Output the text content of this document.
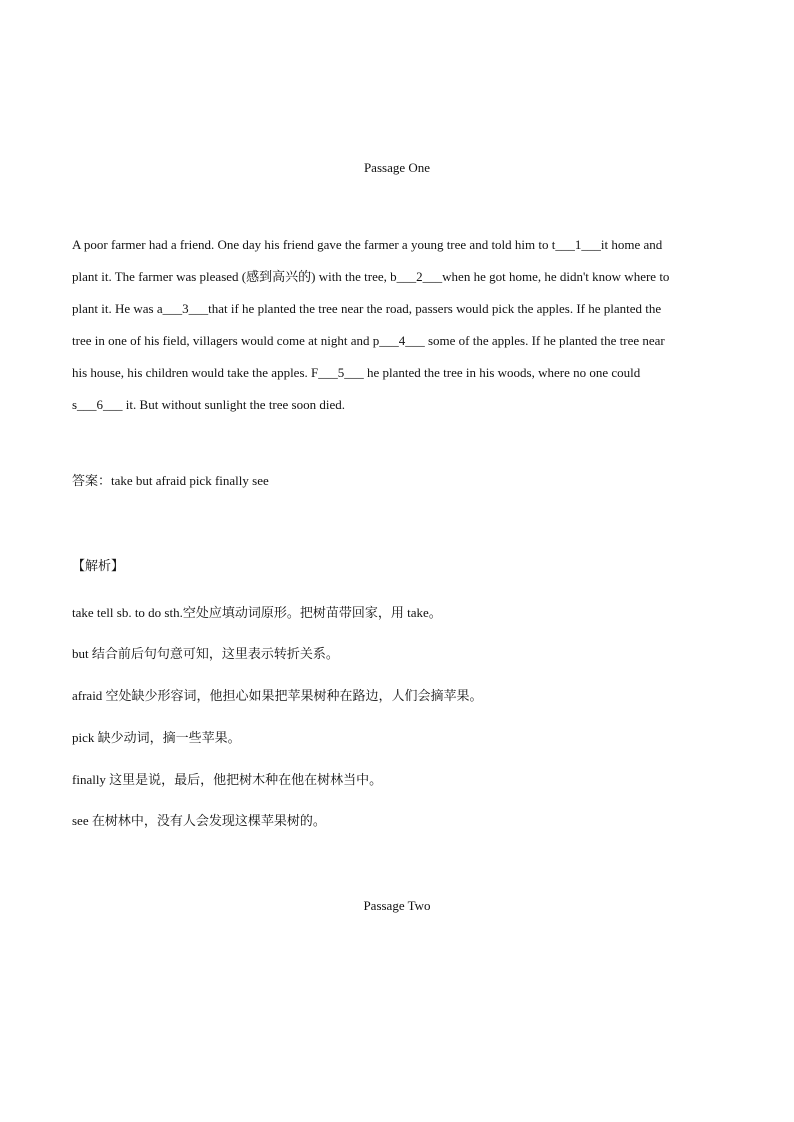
Passage One
A poor farmer had a friend. One day his friend gave the farmer a young tree and told him to t___1___it home and
plant it. The farmer was pleased (感到高兴的) with the tree, b___2___when he got home, he didn't know where to
plant it. He was a___3___that if he planted the tree near the road, passers would pick the apples. If he planted the
tree in one of his field, villagers would come at night and p___4___ some of the apples. If he planted the tree near
his house, his children would take the apples. F___5___ he planted the tree in his woods, where no one could
s___6___ it. But without sunlight the tree soon died.
答案：take but afraid pick finally see
【解析】
take tell sb. to do sth.空处应填动词原形。把树苗带回家，用 take。
but 结合前后句句意可知，这里表示转折关系。
afraid 空处缺少形容词，他担心如果把苹果树种在路边，人们会摘苹果。
pick 缺少动词，摘一些苹果。
finally 这里是说，最后，他把树木种在他在树林当中。
see 在树林中，没有人会发现这棵苹果树的。
Passage Two
